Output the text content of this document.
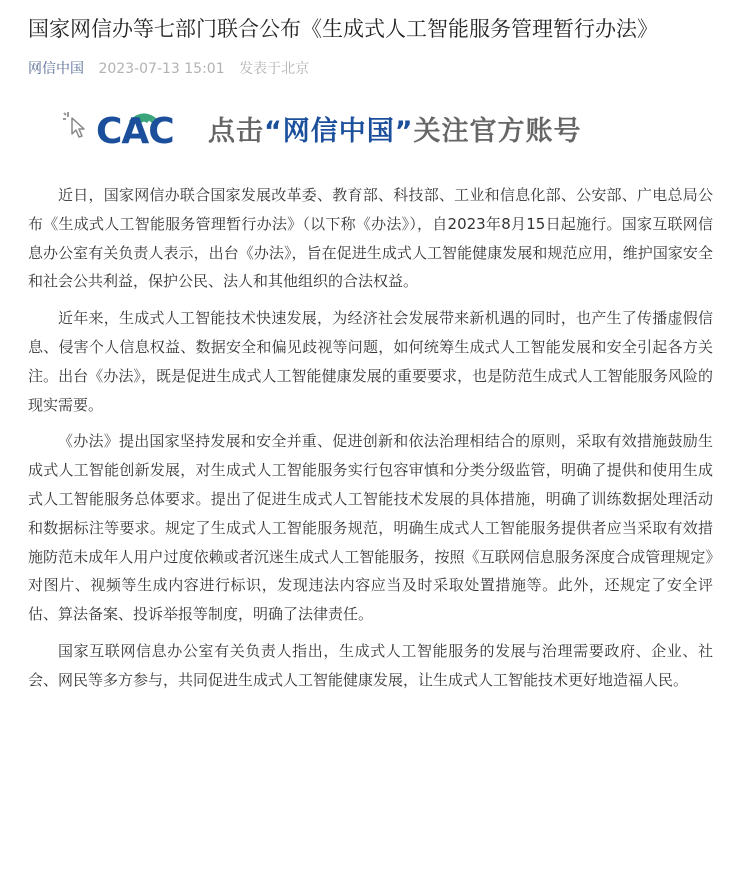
国家网信办等七部门联合公布《生成式人工智能服务管理暂行办法》
网信中国 2023-07-13 15:01 发表于北京
CAC 点击“网信中国”关注官方账号

近日，国家网信办联合国家发展改革委、教育部、科技部、工业和信息化部、公安部、广电总局公布《生成式人工智能服务管理暂行办法》（以下称《办法》），自2023年8月15日起施行。国家互联网信息办公室有关负责人表示，出台《办法》，旨在促进生成式人工智能健康发展和规范应用，维护国家安全和社会公共利益，保护公民、法人和其他组织的合法权益。

近年来，生成式人工智能技术快速发展，为经济社会发展带来新机遇的同时，也产生了传播虚假信息、侵害个人信息权益、数据安全和偏见歧视等问题，如何统筹生成式人工智能发展和安全引起各方关注。出台《办法》，既是促进生成式人工智能健康发展的重要要求，也是防范生成式人工智能服务风险的现实需要。

《办法》提出国家坚持发展和安全并重、促进创新和依法治理相结合的原则，采取有效措施鼓励生成式人工智能创新发展，对生成式人工智能服务实行包容审慎和分类分级监管，明确了提供和使用生成式人工智能服务总体要求。提出了促进生成式人工智能技术发展的具体措施，明确了训练数据处理活动和数据标注等要求。规定了生成式人工智能服务规范，明确生成式人工智能服务提供者应当采取有效措施防范未成年人用户过度依赖或者沉迷生成式人工智能服务，按照《互联网信息服务深度合成管理规定》对图片、视频等生成内容进行标识，发现违法内容应当及时采取处置措施等。此外，还规定了安全评估、算法备案、投诉举报等制度，明确了法律责任。

国家互联网信息办公室有关负责人指出，生成式人工智能服务的发展与治理需要政府、企业、社会、网民等多方参与，共同促进生成式人工智能健康发展，让生成式人工智能技术更好地造福人民。
